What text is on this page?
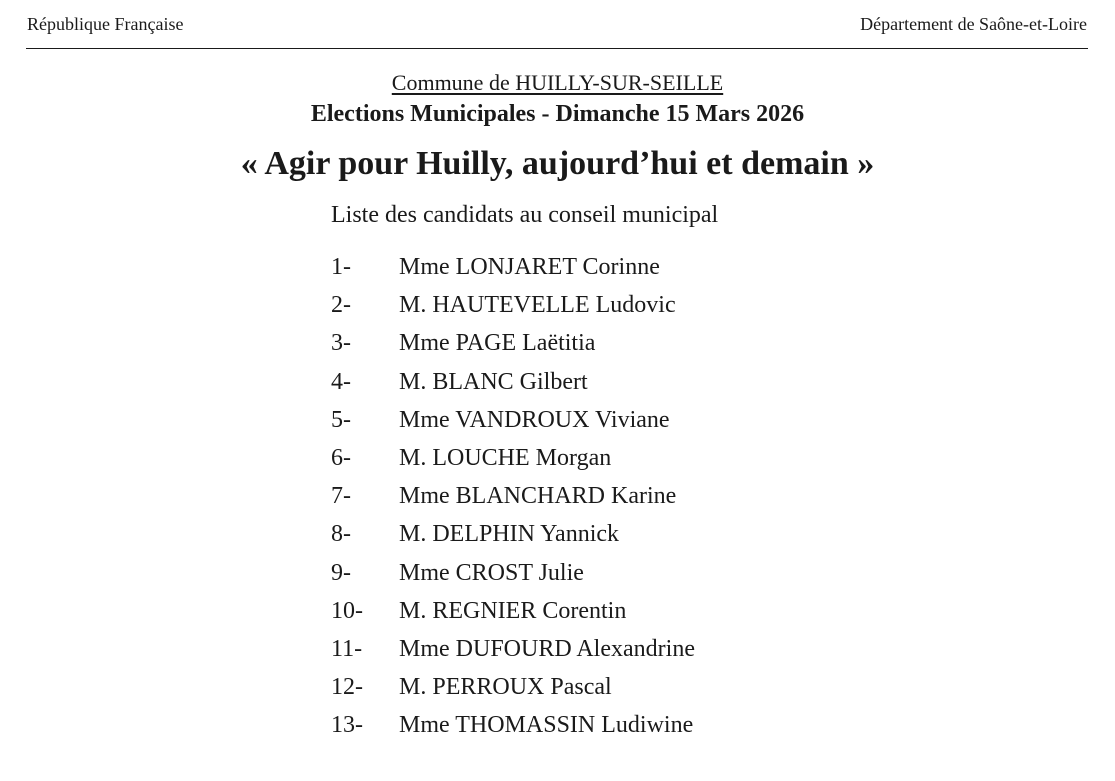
République Française	Département de Saône-et-Loire
Commune de HUILLY-SUR-SEILLE
Elections Municipales - Dimanche 15 Mars 2026
« Agir pour Huilly, aujourd’hui et demain »
Liste des candidats au conseil municipal
1-	Mme LONJARET Corinne
2-	M. HAUTEVELLE Ludovic
3-	Mme PAGE Laëtitia
4-	M. BLANC Gilbert
5-	Mme VANDROUX Viviane
6-	M. LOUCHE Morgan
7-	Mme BLANCHARD Karine
8-	M. DELPHIN Yannick
9-	Mme CROST Julie
10-	M. REGNIER Corentin
11-	Mme DUFOURD Alexandrine
12-	M. PERROUX Pascal
13-	Mme THOMASSIN Ludiwine
